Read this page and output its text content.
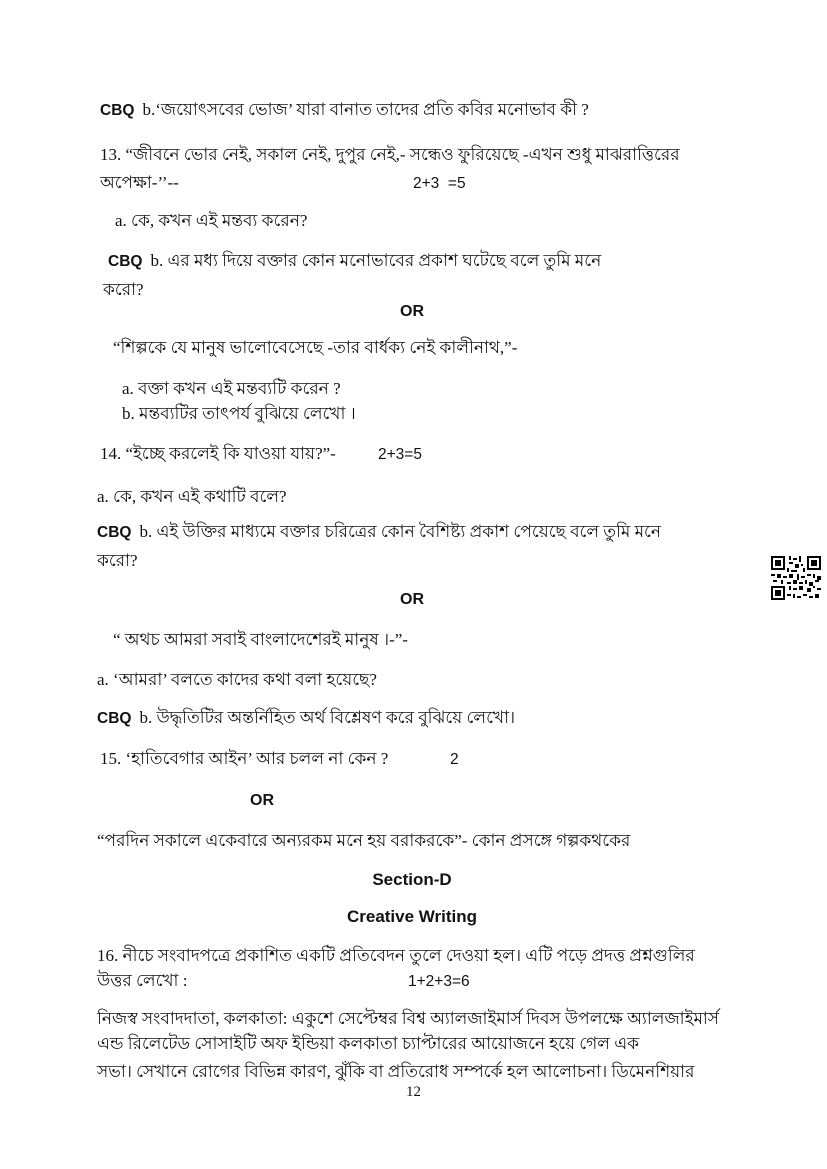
CBQ b.‘জয়োৎসবের ভোজ’ যারা বানাত তাদের প্রতি কবির মনোভাব কী ?
13. “জীবনে ভোর নেই, সকাল নেই, দুপুর নেই,- সন্ধেও ফুরিয়েছে -এখন শুধু মাঝরাত্তিরের
অপেক্ষা-’’--	2+3  =5
a. কে, কখন এই মন্তব্য করেন?
CBQ b. এর মধ্য দিয়ে বক্তার কোন মনোভাবের প্রকাশ ঘটেছে বলে তুমি মনে
করো?
OR
“শিল্পকে যে মানুষ ভালোবেসেছে -তার বার্ধক্য নেই কালীনাথ,”-
a. বক্তা কখন এই মন্তব্যটি করেন ?
b. মন্তব্যটির তাৎপর্য বুঝিয়ে লেখো ।
14. “ইচ্ছে করলেই কি যাওয়া যায়?”-	2+3=5
a. কে, কখন এই কথাটি বলে?
CBQ b. এই উক্তির মাধ্যমে বক্তার চরিত্রের কোন বৈশিষ্ট্য প্রকাশ পেয়েছে বলে তুমি মনে
করো?
OR
“ অথচ আমরা সবাই বাংলাদেশেরই মানুষ ।-”-
a. ‘আমরা’ বলতে কাদের কথা বলা হয়েছে?
CBQ b. উদ্ধৃতিটির অন্তর্নিহিত অর্থ বিশ্লেষণ করে বুঝিয়ে লেখো।
15. ‘হাতিবেগার আইন’ আর চলল না কেন ?	2
OR
“পরদিন সকালে একেবারে অন্যরকম মনে হয় বরাকরকে”- কোন প্রসঙ্গে গল্পকথকের
Section-D
Creative Writing
16. নীচে সংবাদপত্রে প্রকাশিত একটি প্রতিবেদন তুলে দেওয়া হল। এটি পড়ে প্রদত্ত প্রশ্নগুলির
উত্তর লেখো :	1+2+3=6
নিজস্ব সংবাদদাতা, কলকাতা: একুশে সেপ্টেম্বর বিশ্ব অ্যালজাইমার্স দিবস উপলক্ষে অ্যালজাইমার্স
এন্ড রিলেটেড সোসাইটি অফ ইন্ডিয়া কলকাতা চ্যাপ্টারের আয়োজনে হয়ে গেল এক
সভা। সেখানে রোগের বিভিন্ন কারণ, ঝুঁকি বা প্রতিরোধ সম্পর্কে হল আলোচনা। ডিমেনশিয়ার
12
